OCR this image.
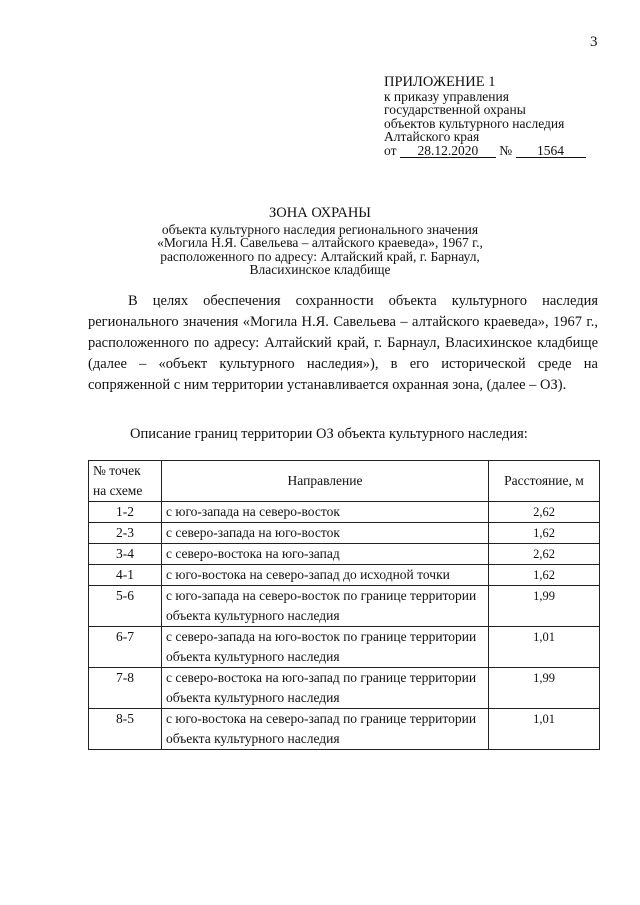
3
ПРИЛОЖЕНИЕ 1
к приказу управления
государственной охраны
объектов культурного наследия
Алтайского края
от 28.12.2020 № 1564
ЗОНА ОХРАНЫ
объекта культурного наследия регионального значения
«Могила Н.Я. Савельева – алтайского краеведа», 1967 г.,
расположенного по адресу: Алтайский край, г. Барнаул,
Власихинское кладбище

В целях обеспечения сохранности объекта культурного наследия регионального значения «Могила Н.Я. Савельева – алтайского краеведа», 1967 г., расположенного по адресу: Алтайский край, г. Барнаул, Власихинское кладбище (далее – «объект культурного наследия»), в его исторической среде на сопряженной с ним территории устанавливается охранная зона, (далее – ОЗ).

Описание границ территории ОЗ объекта культурного наследия:
№ точек на схеме	Направление	Расстояние, м
1-2	с юго-запада на северо-восток	2,62
2-3	с северо-запада на юго-восток	1,62
3-4	с северо-востока на юго-запад	2,62
4-1	с юго-востока на северо-запад до исходной точки	1,62
5-6	с юго-запада на северо-восток по границе территории объекта культурного наследия	1,99
6-7	с северо-запада на юго-восток по границе территории объекта культурного наследия	1,01
7-8	с северо-востока на юго-запад по границе территории объекта культурного наследия	1,99
8-5	с юго-востока на северо-запад по границе территории объекта культурного наследия	1,01
